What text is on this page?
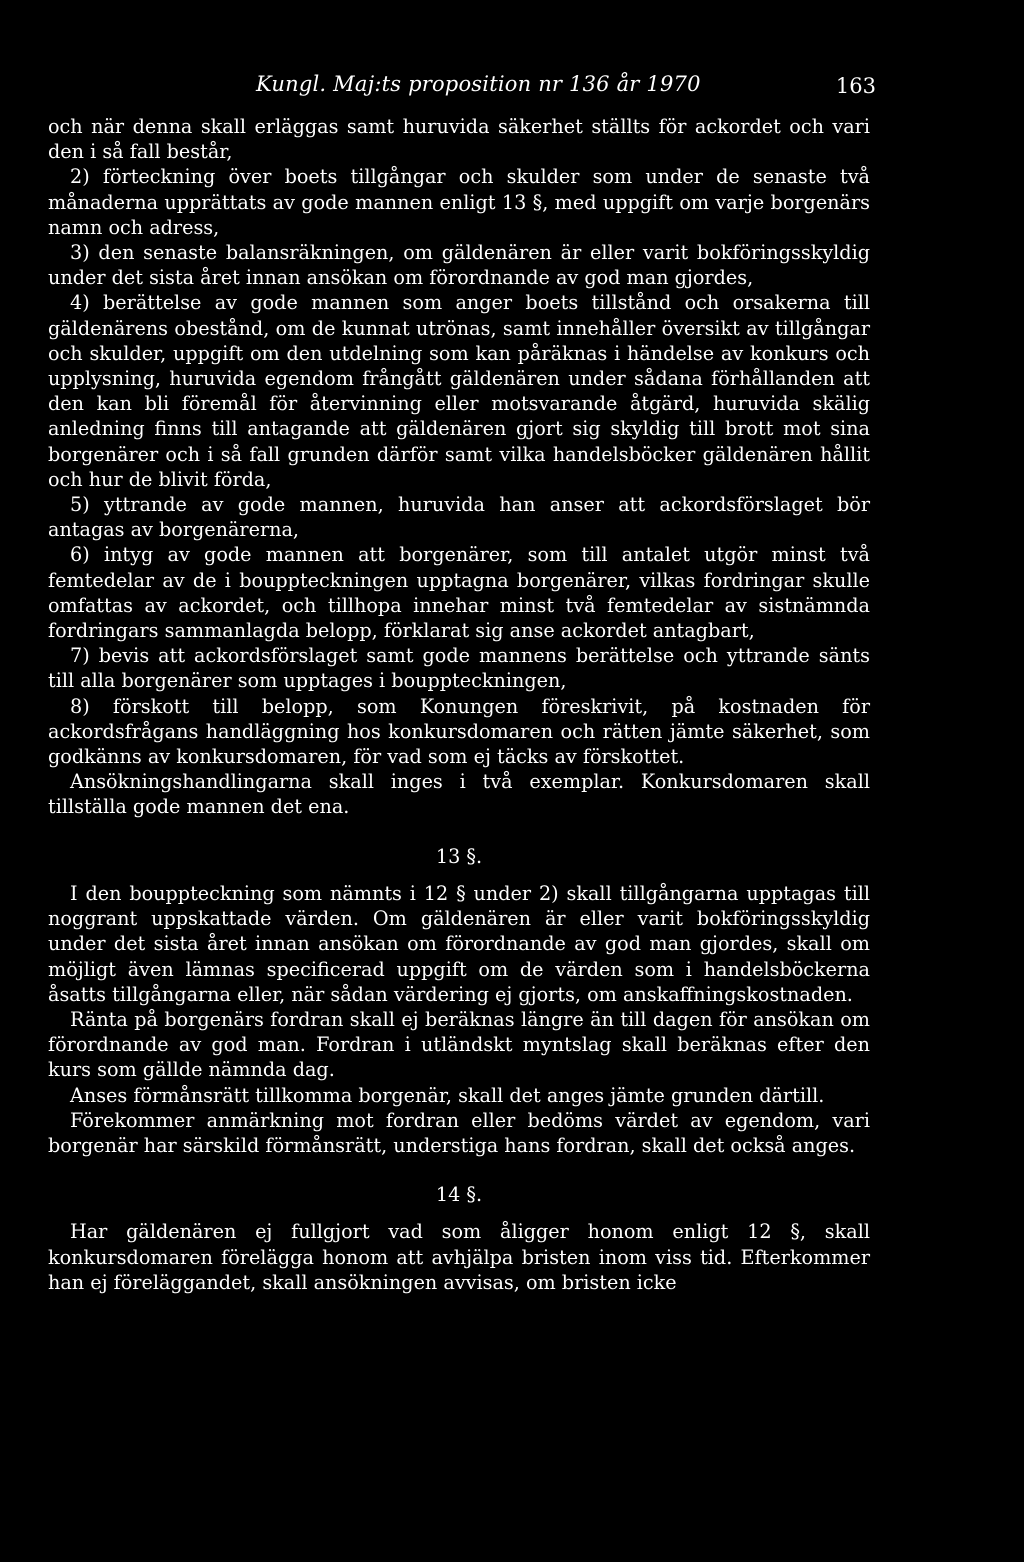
Kungl. Maj:ts proposition nr 136 år 1970	163

och när denna skall erläggas samt huruvida säkerhet ställts för ackordet och vari den i så fall består,

2) förteckning över boets tillgångar och skulder som under de senaste två månaderna upprättats av gode mannen enligt 13 §, med uppgift om varje borgenärs namn och adress,

3) den senaste balansräkningen, om gäldenären är eller varit bokföringsskyldig under det sista året innan ansökan om förordnande av god man gjordes,

4) berättelse av gode mannen som anger boets tillstånd och orsakerna till gäldenärens obestånd, om de kunnat utrönas, samt innehåller översikt av tillgångar och skulder, uppgift om den utdelning som kan påräknas i händelse av konkurs och upplysning, huruvida egendom frångått gäldenären under sådana förhållanden att den kan bli föremål för återvinning eller motsvarande åtgärd, huruvida skälig anledning finns till antagande att gäldenären gjort sig skyldig till brott mot sina borgenärer och i så fall grunden därför samt vilka handelsböcker gäldenären hållit och hur de blivit förda,

5) yttrande av gode mannen, huruvida han anser att ackordsförslaget bör antagas av borgenärerna,

6) intyg av gode mannen att borgenärer, som till antalet utgör minst två femtedelar av de i bouppteckningen upptagna borgenärer, vilkas fordringar skulle omfattas av ackordet, och tillhopa innehar minst två femtedelar av sistnämnda fordringars sammanlagda belopp, förklarat sig anse ackordet antagbart,

7) bevis att ackordsförslaget samt gode mannens berättelse och yttrande sänts till alla borgenärer som upptages i bouppteckningen,

8) förskott till belopp, som Konungen föreskrivit, på kostnaden för ackordsfrågans handläggning hos konkursdomaren och rätten jämte säkerhet, som godkänns av konkursdomaren, för vad som ej täcks av förskottet.

Ansökningshandlingarna skall inges i två exemplar. Konkursdomaren skall tillställa gode mannen det ena.

13 §.

I den bouppteckning som nämnts i 12 § under 2) skall tillgångarna upptagas till noggrant uppskattade värden. Om gäldenären är eller varit bokföringsskyldig under det sista året innan ansökan om förordnande av god man gjordes, skall om möjligt även lämnas specificerad uppgift om de värden som i handelsböckerna åsatts tillgångarna eller, när sådan värdering ej gjorts, om anskaffningskostnaden.

Ränta på borgenärs fordran skall ej beräknas längre än till dagen för ansökan om förordnande av god man. Fordran i utländskt myntslag skall beräknas efter den kurs som gällde nämnda dag.

Anses förmånsrätt tillkomma borgenär, skall det anges jämte grunden därtill.

Förekommer anmärkning mot fordran eller bedöms värdet av egendom, vari borgenär har särskild förmånsrätt, understiga hans fordran, skall det också anges.

14 §.

Har gäldenären ej fullgjort vad som åligger honom enligt 12 §, skall konkursdomaren förelägga honom att avhjälpa bristen inom viss tid. Efterkommer han ej föreläggandet, skall ansökningen avvisas, om bristen icke
